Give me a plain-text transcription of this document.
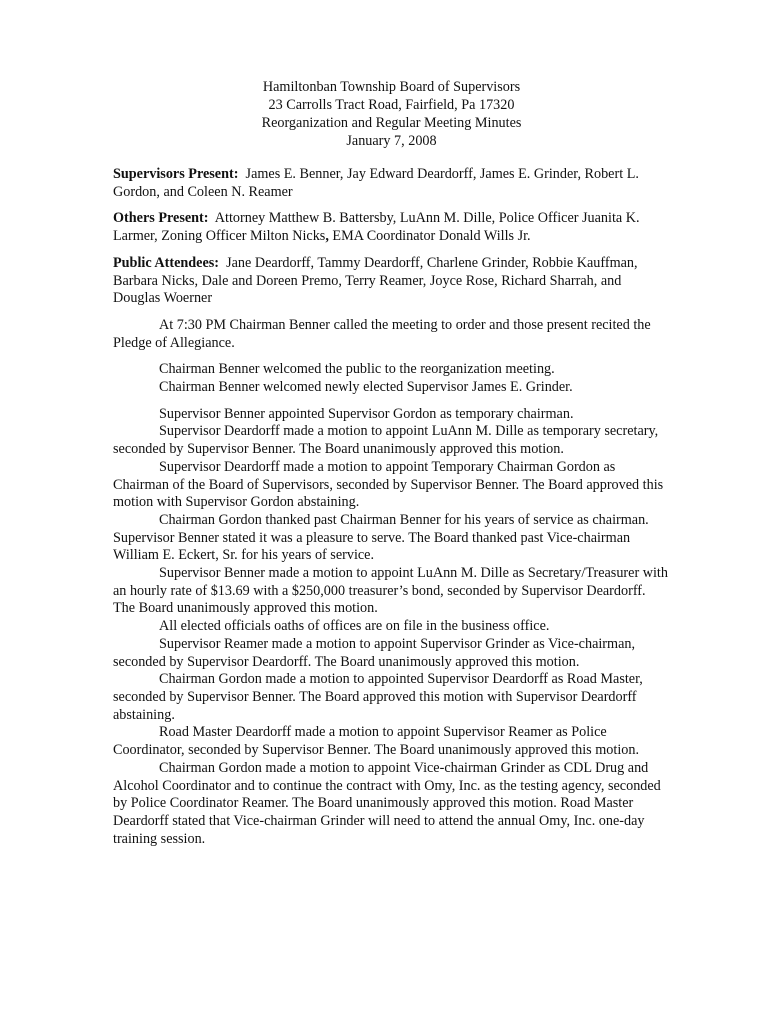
Hamiltonban Township Board of Supervisors
23 Carrolls Tract Road, Fairfield, Pa 17320
Reorganization and Regular Meeting Minutes
January 7, 2008

Supervisors Present: James E. Benner, Jay Edward Deardorff, James E. Grinder, Robert L. Gordon, and Coleen N. Reamer

Others Present: Attorney Matthew B. Battersby, LuAnn M. Dille, Police Officer Juanita K. Larmer, Zoning Officer Milton Nicks, EMA Coordinator Donald Wills Jr.

Public Attendees: Jane Deardorff, Tammy Deardorff, Charlene Grinder, Robbie Kauffman, Barbara Nicks, Dale and Doreen Premo, Terry Reamer, Joyce Rose, Richard Sharrah, and Douglas Woerner

At 7:30 PM Chairman Benner called the meeting to order and those present recited the Pledge of Allegiance.

Chairman Benner welcomed the public to the reorganization meeting.
Chairman Benner welcomed newly elected Supervisor James E. Grinder.

Supervisor Benner appointed Supervisor Gordon as temporary chairman.

Supervisor Deardorff made a motion to appoint LuAnn M. Dille as temporary secretary, seconded by Supervisor Benner. The Board unanimously approved this motion.

Supervisor Deardorff made a motion to appoint Temporary Chairman Gordon as Chairman of the Board of Supervisors, seconded by Supervisor Benner. The Board approved this motion with Supervisor Gordon abstaining.

Chairman Gordon thanked past Chairman Benner for his years of service as chairman. Supervisor Benner stated it was a pleasure to serve. The Board thanked past Vice-chairman William E. Eckert, Sr. for his years of service.

Supervisor Benner made a motion to appoint LuAnn M. Dille as Secretary/Treasurer with an hourly rate of $13.69 with a $250,000 treasurer’s bond, seconded by Supervisor Deardorff. The Board unanimously approved this motion.

All elected officials oaths of offices are on file in the business office.

Supervisor Reamer made a motion to appoint Supervisor Grinder as Vice-chairman, seconded by Supervisor Deardorff. The Board unanimously approved this motion.

Chairman Gordon made a motion to appointed Supervisor Deardorff as Road Master, seconded by Supervisor Benner. The Board approved this motion with Supervisor Deardorff abstaining.

Road Master Deardorff made a motion to appoint Supervisor Reamer as Police Coordinator, seconded by Supervisor Benner. The Board unanimously approved this motion.

Chairman Gordon made a motion to appoint Vice-chairman Grinder as CDL Drug and Alcohol Coordinator and to continue the contract with Omy, Inc. as the testing agency, seconded by Police Coordinator Reamer. The Board unanimously approved this motion. Road Master Deardorff stated that Vice-chairman Grinder will need to attend the annual Omy, Inc. one-day training session.
